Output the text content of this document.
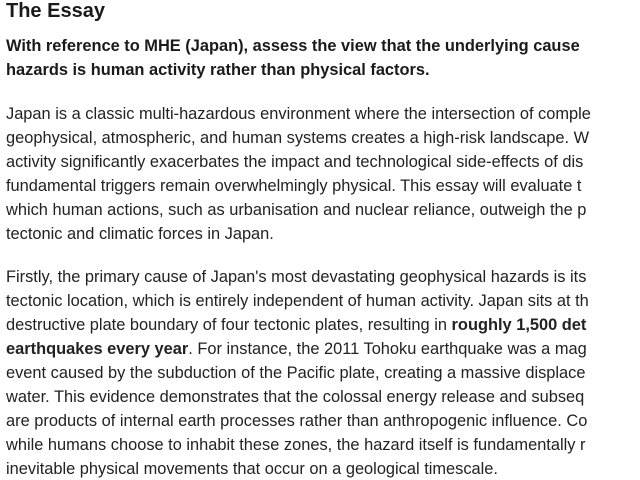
The Essay
With reference to MHE (Japan), assess the view that the underlying cause
hazards is human activity rather than physical factors.
Japan is a classic multi-hazardous environment where the intersection of comple
geophysical, atmospheric, and human systems creates a high-risk landscape. W
activity significantly exacerbates the impact and technological side-effects of dis
fundamental triggers remain overwhelmingly physical. This essay will evaluate t
which human actions, such as urbanisation and nuclear reliance, outweigh the p
tectonic and climatic forces in Japan.
Firstly, the primary cause of Japan's most devastating geophysical hazards is its
tectonic location, which is entirely independent of human activity. Japan sits at th
destructive plate boundary of four tectonic plates, resulting in roughly 1,500 det
earthquakes every year. For instance, the 2011 Tohoku earthquake was a mag
event caused by the subduction of the Pacific plate, creating a massive displace
water. This evidence demonstrates that the colossal energy release and subseq
are products of internal earth processes rather than anthropogenic influence. Co
while humans choose to inhabit these zones, the hazard itself is fundamentally r
inevitable physical movements that occur on a geological timescale.
